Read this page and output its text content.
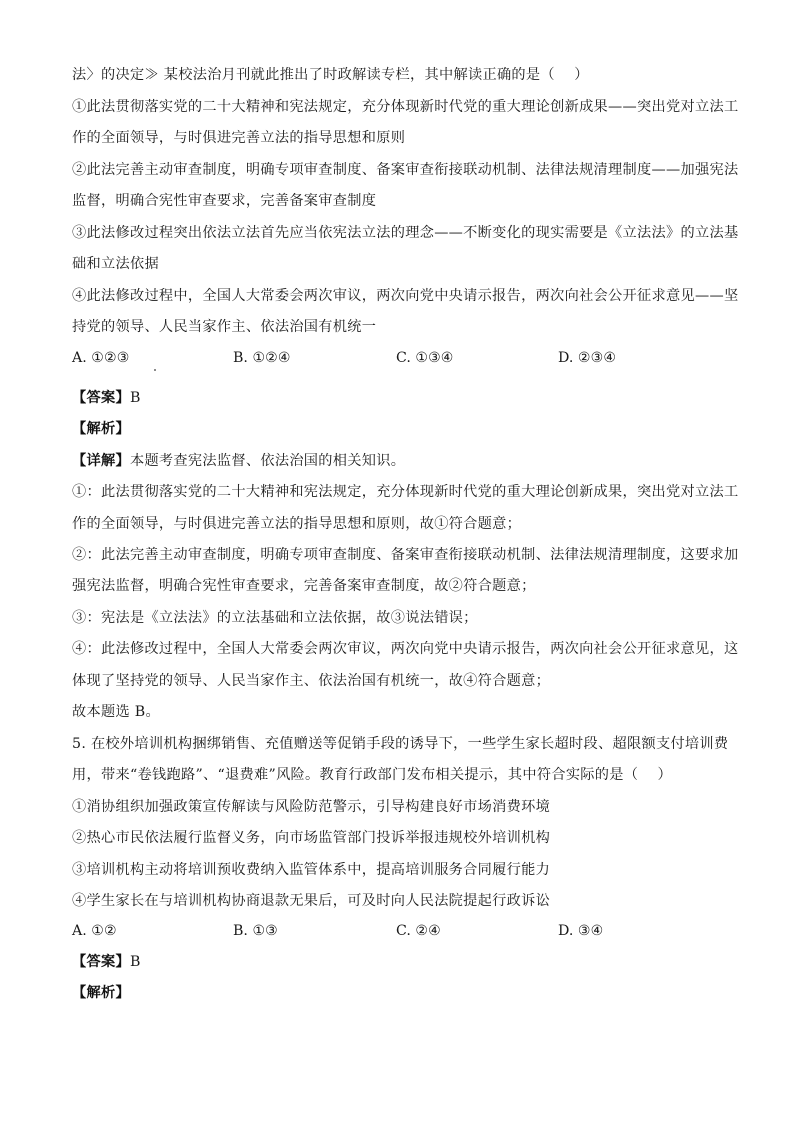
法〉的决定≫ 某校法治月刊就此推出了时政解读专栏，其中解读正确的是（　 ）
①此法贯彻落实党的二十大精神和宪法规定，充分体现新时代党的重大理论创新成果——突出党对立法工
作的全面领导，与时俱进完善立法的指导思想和原则
②此法完善主动审查制度，明确专项审查制度、备案审查衔接联动机制、法律法规清理制度——加强宪法
监督，明确合宪性审查要求，完善备案审查制度
③此法修改过程突出依法立法首先应当依宪法立法的理念——不断变化的现实需要是《立法法》的立法基
础和立法依据
④此法修改过程中，全国人大常委会两次审议，两次向党中央请示报告，两次向社会公开征求意见——坚
持党的领导、人民当家作主、依法治国有机统一
A. ①②③	B. ①②④	C. ①③④	D. ②③④
【答案】B
【解析】
【详解】本题考查宪法监督、依法治国的相关知识。
①：此法贯彻落实党的二十大精神和宪法规定，充分体现新时代党的重大理论创新成果，突出党对立法工
作的全面领导，与时俱进完善立法的指导思想和原则，故①符合题意；
②：此法完善主动审查制度，明确专项审查制度、备案审查衔接联动机制、法律法规清理制度，这要求加
强宪法监督，明确合宪性审查要求，完善备案审查制度，故②符合题意；
③：宪法是《立法法》的立法基础和立法依据，故③说法错误；
④：此法修改过程中，全国人大常委会两次审议，两次向党中央请示报告，两次向社会公开征求意见，这
体现了坚持党的领导、人民当家作主、依法治国有机统一，故④符合题意；
故本题选 B。
5. 在校外培训机构捆绑销售、充值赠送等促销手段的诱导下，一些学生家长超时段、超限额支付培训费
用，带来“卷钱跑路”、“退费难”风险。教育行政部门发布相关提示，其中符合实际的是（　 ）
①消协组织加强政策宣传解读与风险防范警示，引导构建良好市场消费环境
②热心市民依法履行监督义务，向市场监管部门投诉举报违规校外培训机构
③培训机构主动将培训预收费纳入监管体系中，提高培训服务合同履行能力
④学生家长在与培训机构协商退款无果后，可及时向人民法院提起行政诉讼
A. ①②	B. ①③	C. ②④	D. ③④
【答案】B
【解析】
